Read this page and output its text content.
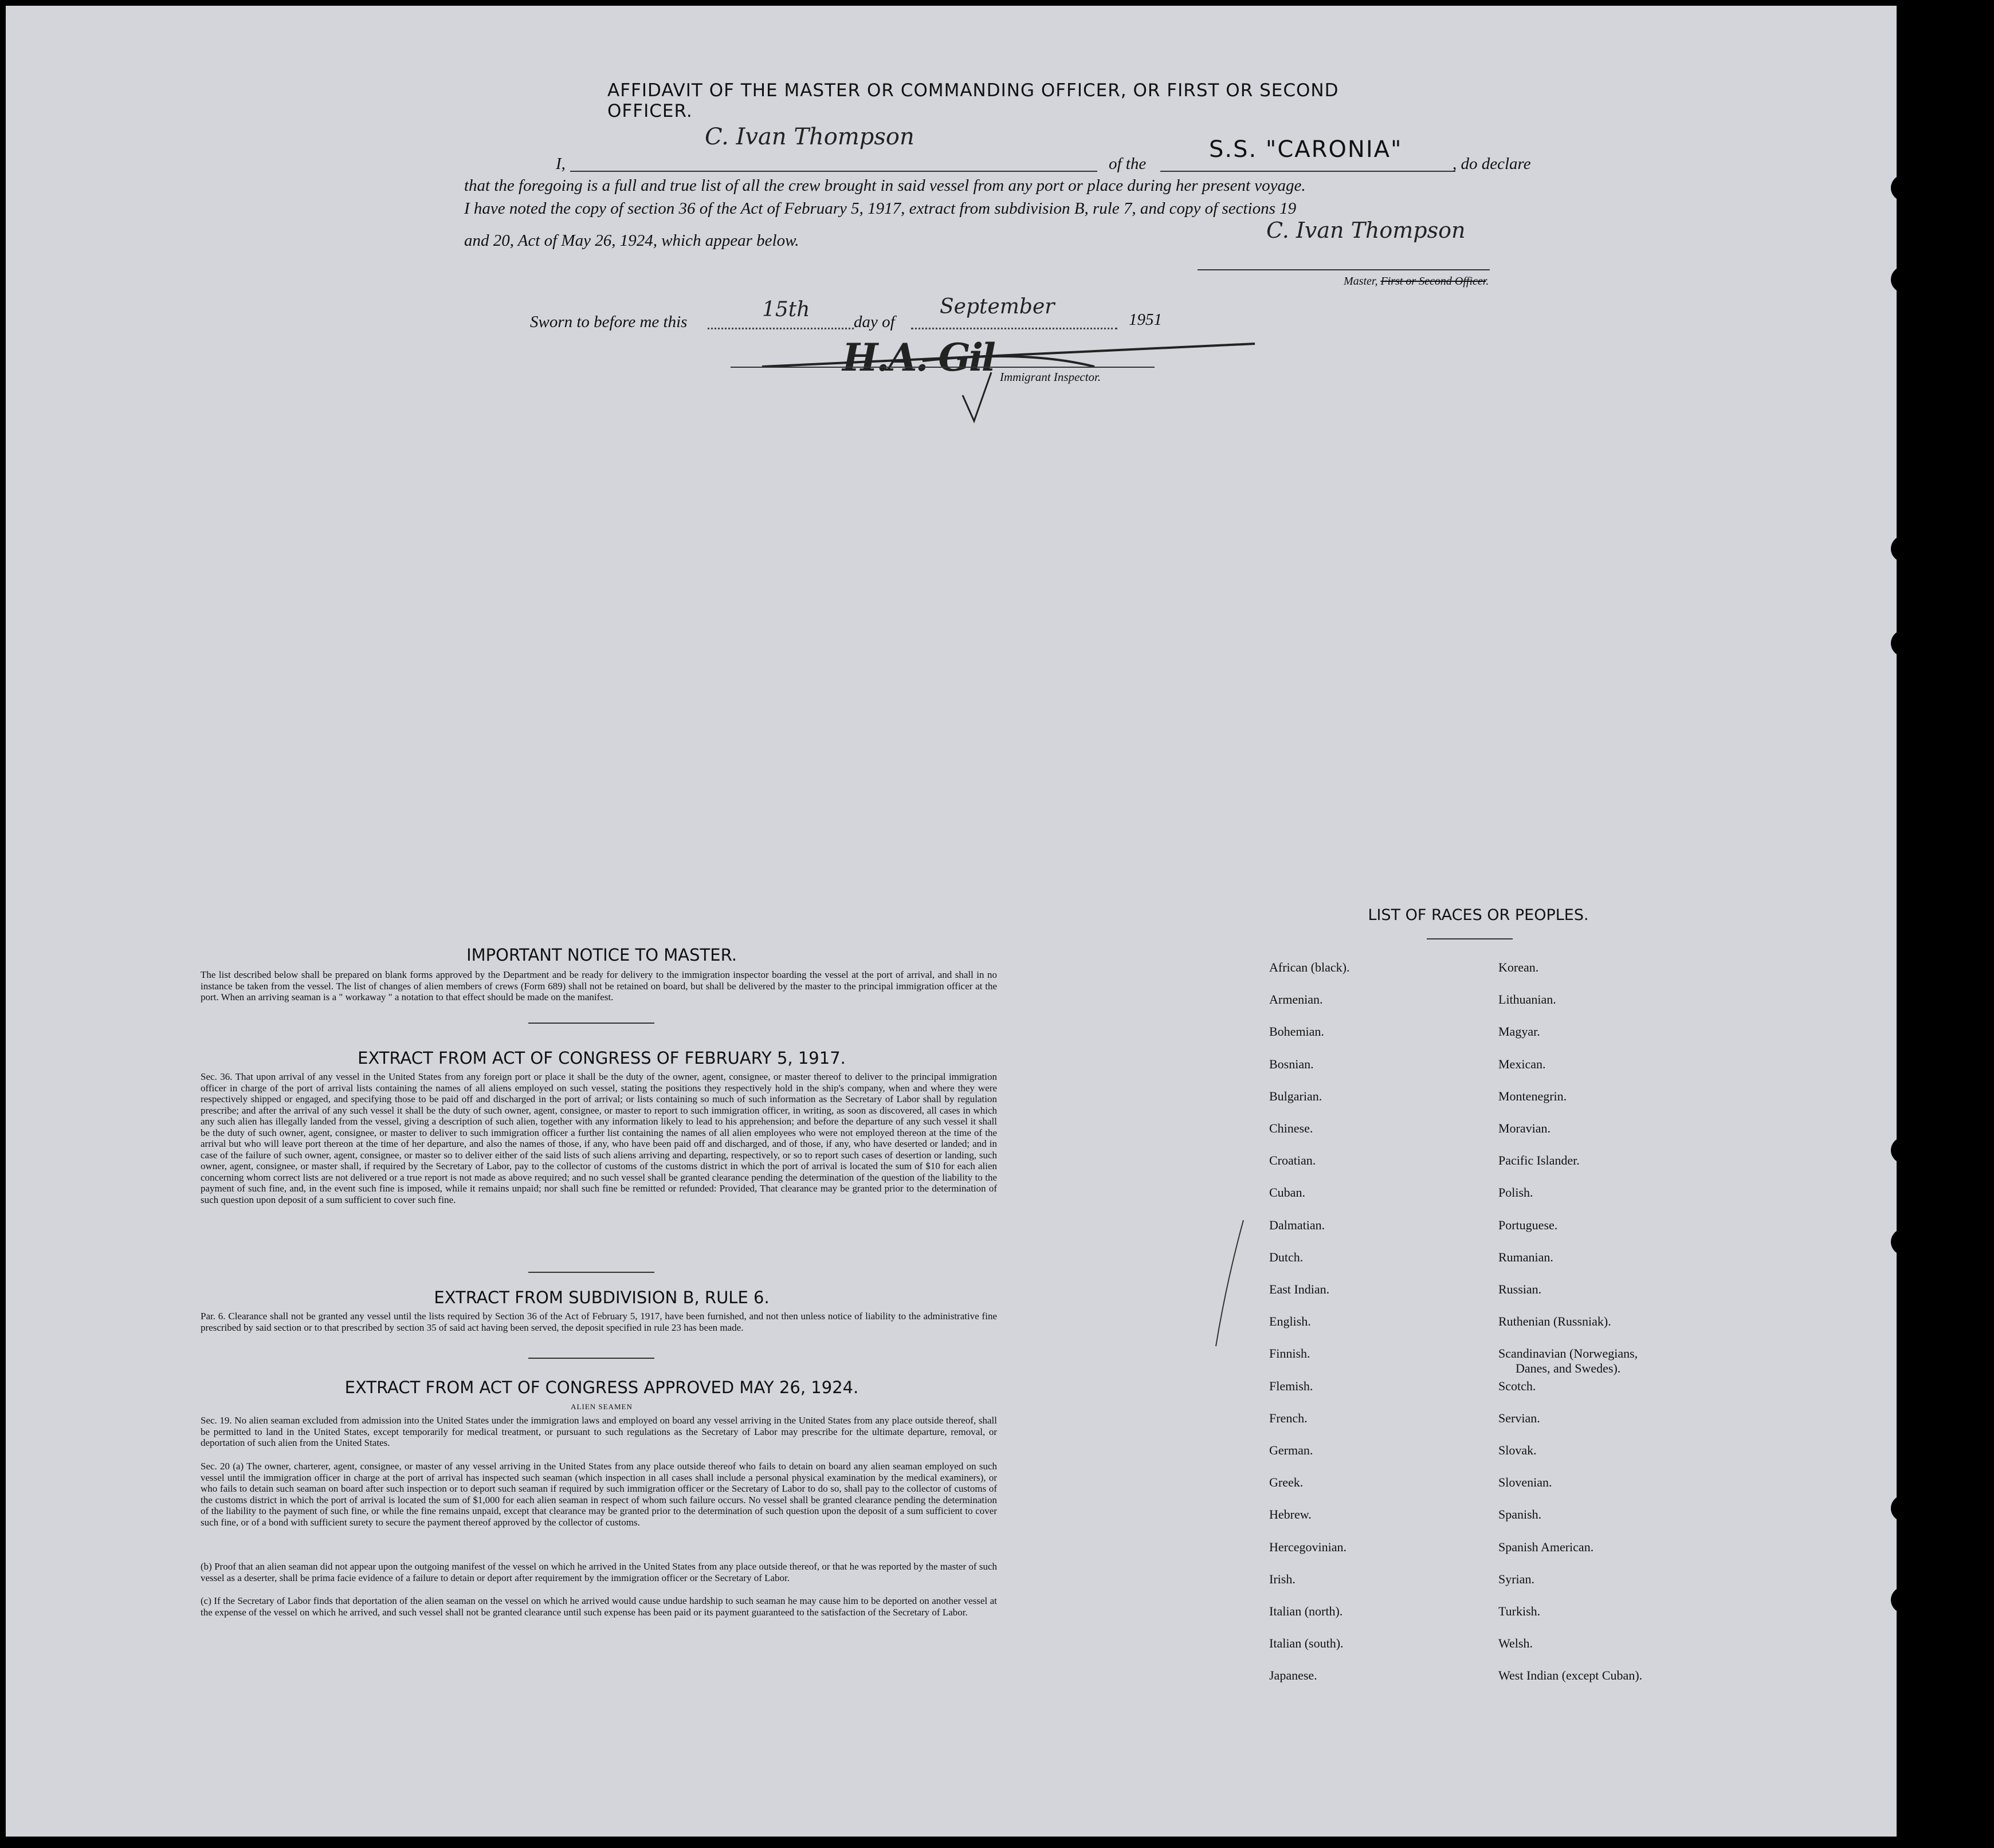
AFFIDAVIT OF THE MASTER OR COMMANDING OFFICER, OR FIRST OR SECOND OFFICER.
I,
C. Ivan Thompson
of the
S.S. "CARONIA"
, do declare
that the foregoing is a full and true list of all the crew brought in said vessel from any port or place during her present voyage.
I have noted the copy of section 36 of the Act of February 5, 1917, extract from subdivision B, rule 7, and copy of sections 19
and 20, Act of May 26, 1924, which appear below.	C. Ivan Thompson
Master, First or Second Officer.
Sworn to before me this
15th
day of
September
1951
H.A. Gil Immigrant Inspector.
IMPORTANT NOTICE TO MASTER.
The list described below shall be prepared on blank forms approved by the Department and be ready for delivery to the immigration inspector boarding the vessel at the port of arrival, and shall in no instance be taken from the vessel. The list of changes of alien members of crews (Form 689) shall not be retained on board, but shall be delivered by the master to the principal immigration officer at the port. When an arriving seaman is a " workaway " a notation to that effect should be made on the manifest.
EXTRACT FROM ACT OF CONGRESS OF FEBRUARY 5, 1917.
Sec. 36. That upon arrival of any vessel in the United States from any foreign port or place it shall be the duty of the owner, agent, consignee, or master thereof to deliver to the principal immigration officer in charge of the port of arrival lists containing the names of all aliens employed on such vessel, stating the positions they respectively hold in the ship's company, when and where they were respectively shipped or engaged, and specifying those to be paid off and discharged in the port of arrival; or lists containing so much of such information as the Secretary of Labor shall by regulation prescribe; and after the arrival of any such vessel it shall be the duty of such owner, agent, consignee, or master to report to such immigration officer, in writing, as soon as discovered, all cases in which any such alien has illegally landed from the vessel, giving a description of such alien, together with any information likely to lead to his apprehension; and before the departure of any such vessel it shall be the duty of such owner, agent, consignee, or master to deliver to such immigration officer a further list containing the names of all alien employees who were not employed thereon at the time of the arrival but who will leave port thereon at the time of her departure, and also the names of those, if any, who have been paid off and discharged, and of those, if any, who have deserted or landed; and in case of the failure of such owner, agent, consignee, or master so to deliver either of the said lists of such aliens arriving and departing, respectively, or so to report such cases of desertion or landing, such owner, agent, consignee, or master shall, if required by the Secretary of Labor, pay to the collector of customs of the customs district in which the port of arrival is located the sum of $10 for each alien concerning whom correct lists are not delivered or a true report is not made as above required; and no such vessel shall be granted clearance pending the determination of the question of the liability to the payment of such fine, and, in the event such fine is imposed, while it remains unpaid; nor shall such fine be remitted or refunded: Provided, That clearance may be granted prior to the determination of such question upon deposit of a sum sufficient to cover such fine.
EXTRACT FROM SUBDIVISION B, RULE 6.
Par. 6. Clearance shall not be granted any vessel until the lists required by Section 36 of the Act of February 5, 1917, have been furnished, and not then unless notice of liability to the administrative fine prescribed by said section or to that prescribed by section 35 of said act having been served, the deposit specified in rule 23 has been made.
EXTRACT FROM ACT OF CONGRESS APPROVED MAY 26, 1924.
ALIEN SEAMEN
Sec. 19. No alien seaman excluded from admission into the United States under the immigration laws and employed on board any vessel arriving in the United States from any place outside thereof, shall be permitted to land in the United States, except temporarily for medical treatment, or pursuant to such regulations as the Secretary of Labor may prescribe for the ultimate departure, removal, or deportation of such alien from the United States.
Sec. 20 (a) The owner, charterer, agent, consignee, or master of any vessel arriving in the United States from any place outside thereof who fails to detain on board any alien seaman employed on such vessel until the immigration officer in charge at the port of arrival has inspected such seaman (which inspection in all cases shall include a personal physical examination by the medical examiners), or who fails to detain such seaman on board after such inspection or to deport such seaman if required by such immigration officer or the Secretary of Labor to do so, shall pay to the collector of customs of the customs district in which the port of arrival is located the sum of $1,000 for each alien seaman in respect of whom such failure occurs. No vessel shall be granted clearance pending the determination of the liability to the payment of such fine, or while the fine remains unpaid, except that clearance may be granted prior to the determination of such question upon the deposit of a sum sufficient to cover such fine, or of a bond with sufficient surety to secure the payment thereof approved by the collector of customs.
(b) Proof that an alien seaman did not appear upon the outgoing manifest of the vessel on which he arrived in the United States from any place outside thereof, or that he was reported by the master of such vessel as a deserter, shall be prima facie evidence of a failure to detain or deport after requirement by the immigration officer or the Secretary of Labor.
(c) If the Secretary of Labor finds that deportation of the alien seaman on the vessel on which he arrived would cause undue hardship to such seaman he may cause him to be deported on another vessel at the expense of the vessel on which he arrived, and such vessel shall not be granted clearance until such expense has been paid or its payment guaranteed to the satisfaction of the Secretary of Labor.
LIST OF RACES OR PEOPLES.
African (black).
Armenian.
Bohemian.
Bosnian.
Bulgarian.
Chinese.
Croatian.
Cuban.
Dalmatian.
Dutch.
East Indian.
English.
Finnish.
Flemish.
French.
German.
Greek.
Hebrew.
Hercegovinian.
Irish.
Italian (north).
Italian (south).
Japanese.
Korean.
Lithuanian.
Magyar.
Mexican.
Montenegrin.
Moravian.
Pacific Islander.
Polish.
Portuguese.
Rumanian.
Russian.
Ruthenian (Russniak).
Scandinavian (Norwegians,
Scotch.
Servian.
Slovak.
Slovenian.
Spanish.
Spanish American.
Syrian.
Turkish.
Welsh.
West Indian (except Cuban).
Danes, and Swedes).
